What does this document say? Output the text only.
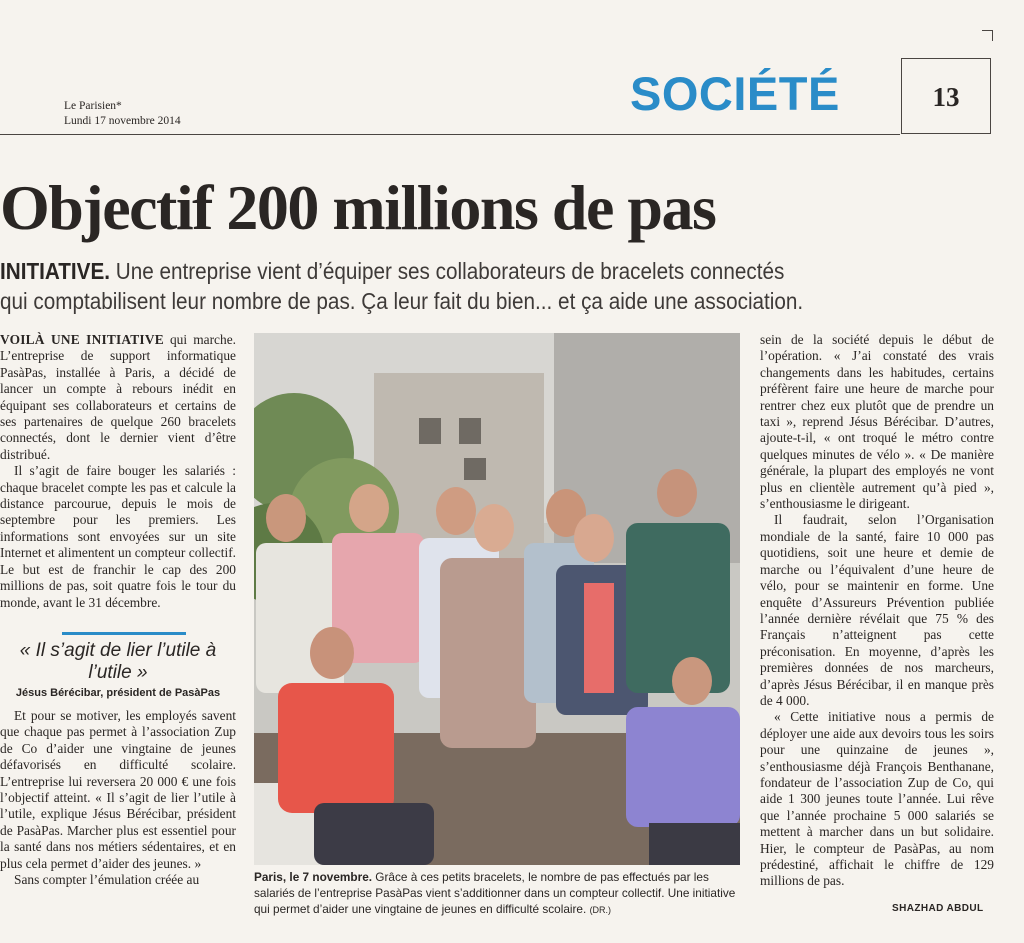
Le Parisien*
Lundi 17 novembre 2014
SOCIÉTÉ	13
Objectif 200 millions de pas
INITIATIVE. Une entreprise vient d’équiper ses collaborateurs de bracelets connectés
qui comptabilisent leur nombre de pas. Ça leur fait du bien... et ça aide une association.

VOILÀ UNE INITIATIVE qui marche. L’entreprise de support informatique PasàPas, installée à Paris, a décidé de lancer un compte à rebours inédit en équipant ses collaborateurs et certains de ses partenaires de quelque 260 bracelets connectés, dont le dernier vient d’être distribué.

Il s’agit de faire bouger les salariés : chaque bracelet compte les pas et calcule la distance parcourue, depuis le mois de septembre pour les premiers. Les informations sont envoyées sur un site Internet et alimentent un compteur collectif. Le but est de franchir le cap des 200 millions de pas, soit quatre fois le tour du monde, avant le 31 décembre.

« Il s’agit de lier l’utile à l’utile »
Jésus Bérécibar, président de PasàPas

Et pour se motiver, les employés savent que chaque pas permet à l’association Zup de Co d’aider une vingtaine de jeunes défavorisés en difficulté scolaire. L’entreprise lui reversera 20 000 € une fois l’objectif atteint. « Il s’agit de lier l’utile à l’utile, explique Jésus Bérécibar, président de PasàPas. Marcher plus est essentiel pour la santé dans nos métiers sédentaires, et en plus cela permet d’aider des jeunes. »

Sans compter l’émulation créée au	Paris, le 7 novembre. Grâce à ces petits bracelets, le nombre de pas effectués par les salariés de l’entreprise PasàPas vient s’additionner dans un compteur collectif. Une initiative qui permet d’aider une vingtaine de jeunes en difficulté scolaire. (DR.)

sein de la société depuis le début de l’opération. « J’ai constaté des vrais changements dans les habitudes, certains préfèrent faire une heure de marche pour rentrer chez eux plutôt que de prendre un taxi », reprend Jésus Bérécibar. D’autres, ajoute-t-il, « ont troqué le métro contre quelques minutes de vélo ». « De manière générale, la plupart des employés ne vont plus en clientèle autrement qu’à pied », s’enthousiasme le dirigeant.

Il faudrait, selon l’Organisation mondiale de la santé, faire 10 000 pas quotidiens, soit une heure et demie de marche ou l’équivalent d’une heure de vélo, pour se maintenir en forme. Une enquête d’Assureurs Prévention publiée l’année dernière révélait que 75 % des Français n’atteignent pas cette préconisation. En moyenne, d’après les premières données de nos marcheurs, d’après Jésus Bérécibar, il en manque près de 4 000.

« Cette initiative nous a permis de déployer une aide aux devoirs tous les soirs pour une quinzaine de jeunes », s’enthousiasme déjà François Benthanane, fondateur de l’association Zup de Co, qui aide 1 300 jeunes toute l’année. Lui rêve que l’année prochaine 5 000 salariés se mettent à marcher dans un but solidaire. Hier, le compteur de PasàPas, au nom prédestiné, affichait le chiffre de 129 millions de pas.

SHAZHAD ABDUL
